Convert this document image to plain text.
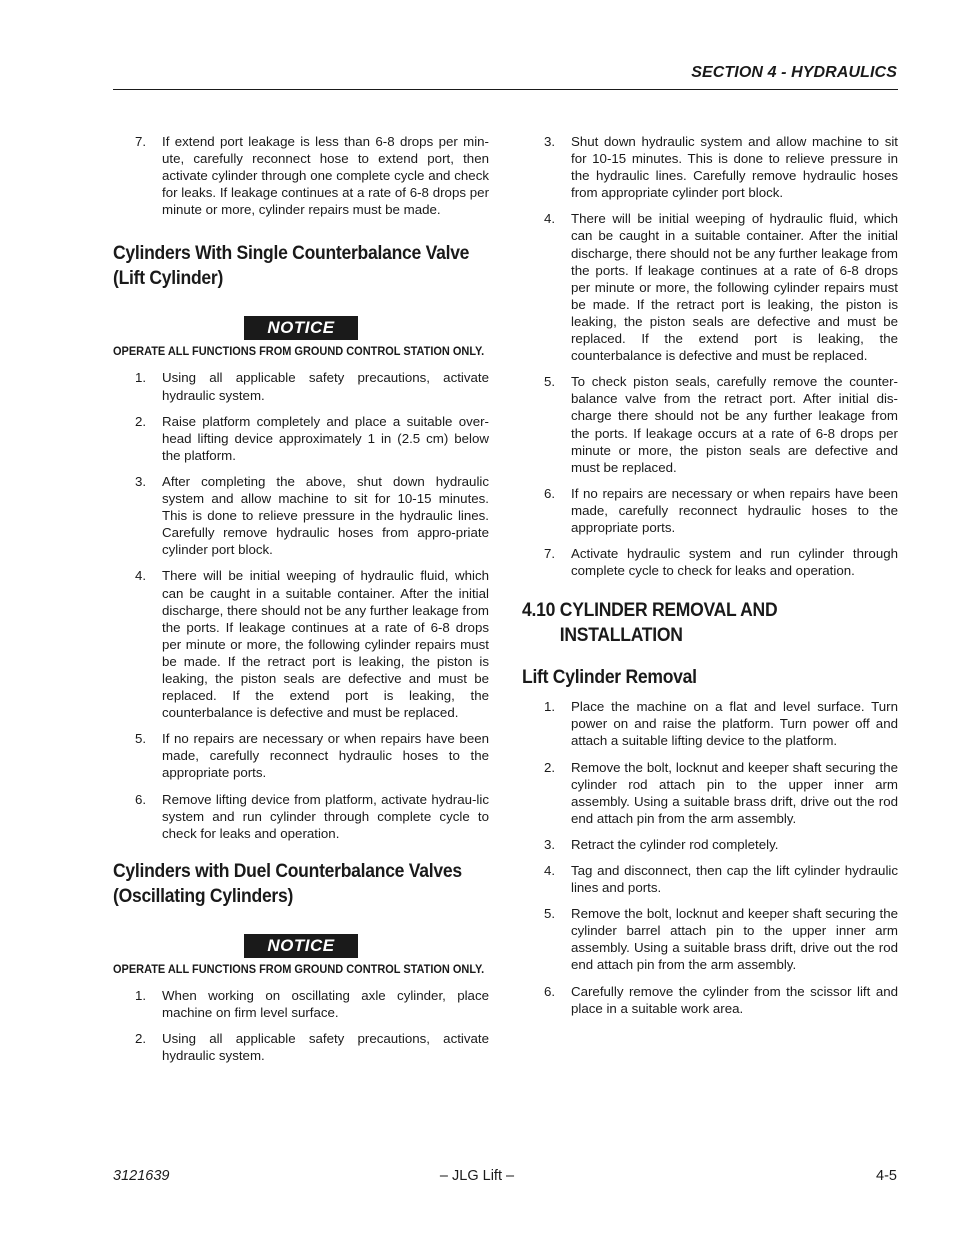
SECTION 4 - HYDRAULICS
7. If extend port leakage is less than 6-8 drops per min-ute, carefully reconnect hose to extend port, then activate cylinder through one complete cycle and check for leaks. If leakage continues at a rate of 6-8 drops per minute or more, cylinder repairs must be made.
Cylinders With Single Counterbalance Valve
(Lift Cylinder)
NOTICE
OPERATE ALL FUNCTIONS FROM GROUND CONTROL STATION ONLY.
1. Using all applicable safety precautions, activate hydraulic system.
2. Raise platform completely and place a suitable over-head lifting device approximately 1 in (2.5 cm) below the platform.
3. After completing the above, shut down hydraulic system and allow machine to sit for 10-15 minutes. This is done to relieve pressure in the hydraulic lines. Carefully remove hydraulic hoses from appro-priate cylinder port block.
4. There will be initial weeping of hydraulic fluid, which can be caught in a suitable container. After the initial discharge, there should not be any further leakage from the ports. If leakage continues at a rate of 6-8 drops per minute or more, the following cylinder repairs must be made. If the retract port is leaking, the piston is leaking, the piston seals are defective and must be replaced. If the extend port is leaking, the counterbalance is defective and must be replaced.
5. If no repairs are necessary or when repairs have been made, carefully reconnect hydraulic hoses to the appropriate ports.
6. Remove lifting device from platform, activate hydrau-lic system and run cylinder through complete cycle to check for leaks and operation.
Cylinders with Duel Counterbalance Valves
(Oscillating Cylinders)
NOTICE
OPERATE ALL FUNCTIONS FROM GROUND CONTROL STATION ONLY.
1. When working on oscillating axle cylinder, place machine on firm level surface.
2. Using all applicable safety precautions, activate hydraulic system.
3. Shut down hydraulic system and allow machine to sit for 10-15 minutes. This is done to relieve pressure in the hydraulic lines. Carefully remove hydraulic hoses from appropriate cylinder port block.
4. There will be initial weeping of hydraulic fluid, which can be caught in a suitable container. After the initial discharge, there should not be any further leakage from the ports. If leakage continues at a rate of 6-8 drops per minute or more, the following cylinder repairs must be made. If the retract port is leaking, the piston is leaking, the piston seals are defective and must be replaced. If the extend port is leaking, the counterbalance is defective and must be replaced.
5. To check piston seals, carefully remove the counter-balance valve from the retract port. After initial dis-charge there should not be any further leakage from the ports. If leakage occurs at a rate of 6-8 drops per minute or more, the piston seals are defective and must be replaced.
6. If no repairs are necessary or when repairs have been made, carefully reconnect hydraulic hoses to the appropriate ports.
7. Activate hydraulic system and run cylinder through complete cycle to check for leaks and operation.
4.10 CYLINDER REMOVAL AND
INSTALLATION
Lift Cylinder Removal
1. Place the machine on a flat and level surface. Turn power on and raise the platform. Turn power off and attach a suitable lifting device to the platform.
2. Remove the bolt, locknut and keeper shaft securing the cylinder rod attach pin to the upper inner arm assembly. Using a suitable brass drift, drive out the rod end attach pin from the arm assembly.
3. Retract the cylinder rod completely.
4. Tag and disconnect, then cap the lift cylinder hydraulic lines and ports.
5. Remove the bolt, locknut and keeper shaft securing the cylinder barrel attach pin to the upper inner arm assembly. Using a suitable brass drift, drive out the rod end attach pin from the arm assembly.
6. Carefully remove the cylinder from the scissor lift and place in a suitable work area.
3121639	– JLG Lift –	4-5
